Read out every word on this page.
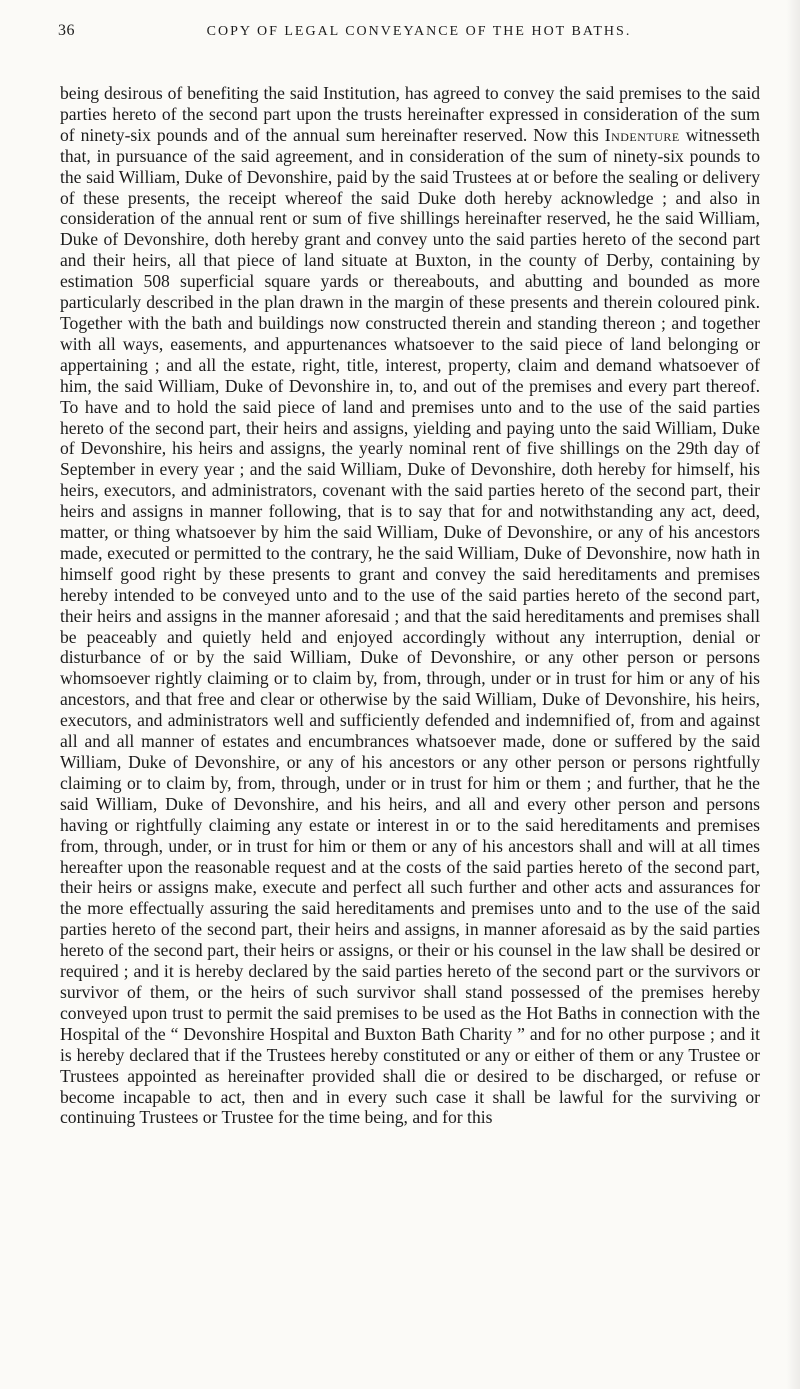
36	COPY OF LEGAL CONVEYANCE OF THE HOT BATHS.

being desirous of benefiting the said Institution, has agreed to convey the said premises to the said parties hereto of the second part upon the trusts hereinafter expressed in consideration of the sum of ninety-six pounds and of the annual sum hereinafter reserved. Now this Indenture witnesseth that, in pursuance of the said agreement, and in consideration of the sum of ninety-six pounds to the said William, Duke of Devonshire, paid by the said Trustees at or before the sealing or delivery of these presents, the receipt whereof the said Duke doth hereby acknowledge ; and also in consideration of the annual rent or sum of five shillings hereinafter reserved, he the said William, Duke of Devonshire, doth hereby grant and convey unto the said parties hereto of the second part and their heirs, all that piece of land situate at Buxton, in the county of Derby, containing by estimation 508 superficial square yards or thereabouts, and abutting and bounded as more particularly described in the plan drawn in the margin of these presents and therein coloured pink. Together with the bath and buildings now constructed therein and standing thereon ; and together with all ways, easements, and appurtenances whatsoever to the said piece of land belonging or appertaining ; and all the estate, right, title, interest, property, claim and demand whatsoever of him, the said William, Duke of Devonshire in, to, and out of the premises and every part thereof. To have and to hold the said piece of land and premises unto and to the use of the said parties hereto of the second part, their heirs and assigns, yielding and paying unto the said William, Duke of Devonshire, his heirs and assigns, the yearly nominal rent of five shillings on the 29th day of September in every year ; and the said William, Duke of Devonshire, doth hereby for himself, his heirs, executors, and administrators, covenant with the said parties hereto of the second part, their heirs and assigns in manner following, that is to say that for and notwithstanding any act, deed, matter, or thing whatsoever by him the said William, Duke of Devonshire, or any of his ancestors made, executed or permitted to the contrary, he the said William, Duke of Devonshire, now hath in himself good right by these presents to grant and convey the said hereditaments and premises hereby intended to be conveyed unto and to the use of the said parties hereto of the second part, their heirs and assigns in the manner aforesaid ; and that the said hereditaments and premises shall be peaceably and quietly held and enjoyed accordingly without any interruption, denial or disturbance of or by the said William, Duke of Devonshire, or any other person or persons whomsoever rightly claiming or to claim by, from, through, under or in trust for him or any of his ancestors, and that free and clear or otherwise by the said William, Duke of Devonshire, his heirs, executors, and administrators well and sufficiently defended and indemnified of, from and against all and all manner of estates and encumbrances whatsoever made, done or suffered by the said William, Duke of Devonshire, or any of his ancestors or any other person or persons rightfully claiming or to claim by, from, through, under or in trust for him or them ; and further, that he the said William, Duke of Devonshire, and his heirs, and all and every other person and persons having or rightfully claiming any estate or interest in or to the said hereditaments and premises from, through, under, or in trust for him or them or any of his ancestors shall and will at all times hereafter upon the reasonable request and at the costs of the said parties hereto of the second part, their heirs or assigns make, execute and perfect all such further and other acts and assurances for the more effectually assuring the said hereditaments and premises unto and to the use of the said parties hereto of the second part, their heirs and assigns, in manner aforesaid as by the said parties hereto of the second part, their heirs or assigns, or their or his counsel in the law shall be desired or required ; and it is hereby declared by the said parties hereto of the second part or the survivors or survivor of them, or the heirs of such survivor shall stand possessed of the premises hereby conveyed upon trust to permit the said premises to be used as the Hot Baths in connection with the Hospital of the “ Devonshire Hospital and Buxton Bath Charity ” and for no other purpose ; and it is hereby declared that if the Trustees hereby constituted or any or either of them or any Trustee or Trustees appointed as hereinafter provided shall die or desired to be discharged, or refuse or become incapable to act, then and in every such case it shall be lawful for the surviving or continuing Trustees or Trustee for the time being, and for this
